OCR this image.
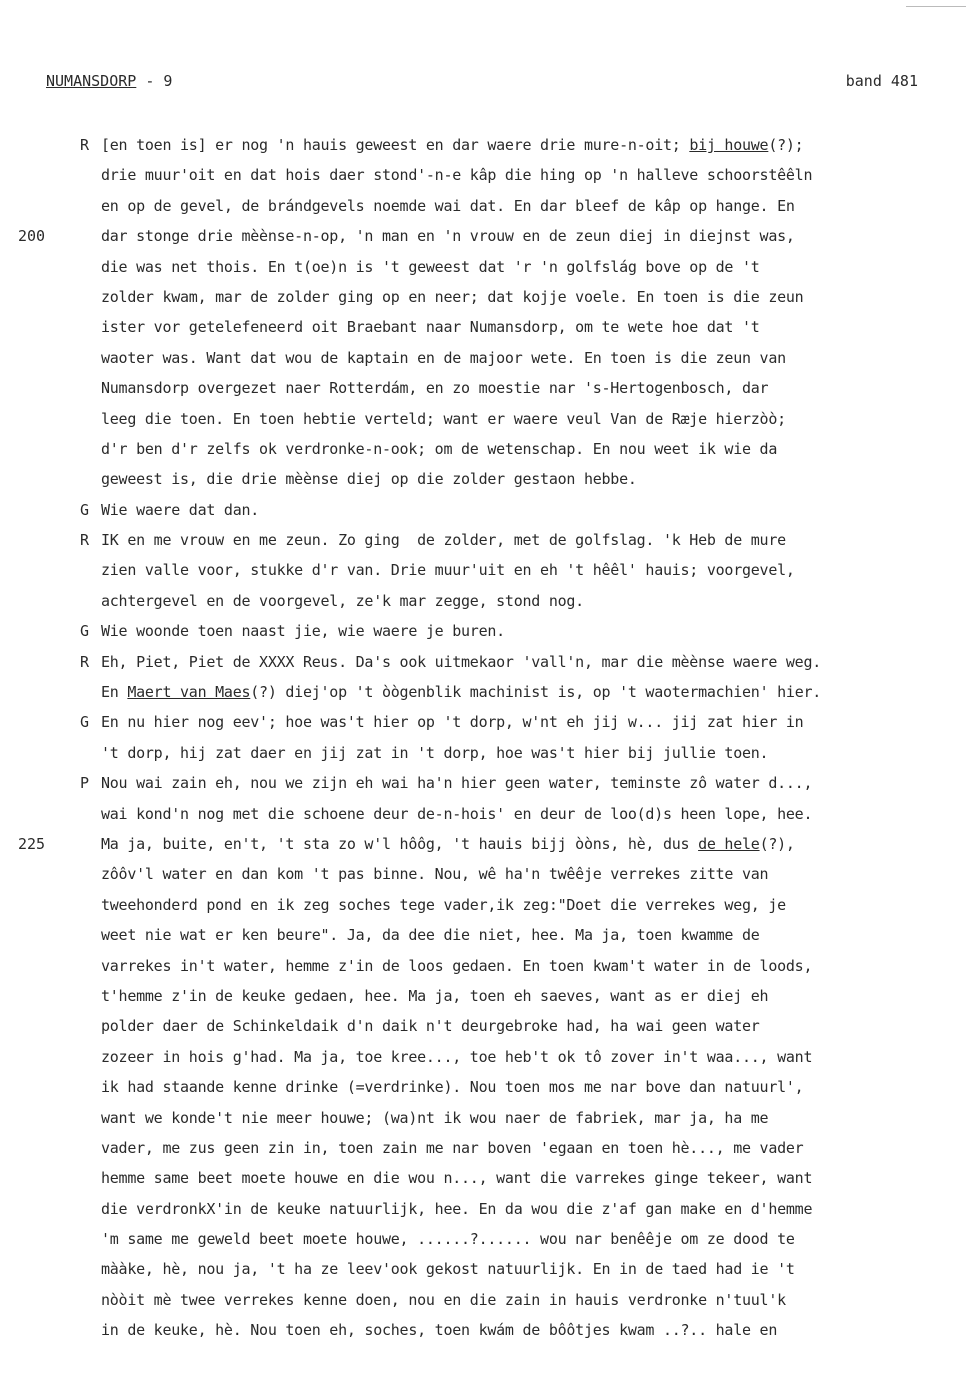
NUMANSDORP - 9	band 481
R [en toen is] er nog 'n hauis geweest en dar waere drie mure-n-oit; bij houwe(?);
drie muur'oit en dat hois daer stond'-n-e kâp die hing op 'n halleve schoorstêêln
en op de gevel, de brándgevels noemde wai dat. En dar bleef de kâp op hange. En
200	dar stonge drie mèènse-n-op, 'n man en 'n vrouw en de zeun diej in diejnst was,
die was net thois. En t(oe)n is 't geweest dat 'r 'n golfslág bove op de 't
zolder kwam, mar de zolder ging op en neer; dat kojje voele. En toen is die zeun
ister vor getelefeneerd oit Braebant naar Numansdorp, om te wete hoe dat 't
waoter was. Want dat wou de kaptain en de majoor wete. En toen is die zeun van
Numansdorp overgezet naer Rotterdám, en zo moestie nar 's-Hertogenbosch, dar
leeg die toen. En toen hebtie verteld; want er waere veul Van de Ræje hierzòò;
d'r ben d'r zelfs ok verdronke-n-ook; om de wetenschap. En nou weet ik wie da
geweest is, die drie mèènse diej op die zolder gestaon hebbe.
G Wie waere dat dan.
R IK en me vrouw en me zeun. Zo ging  de zolder, met de golfslag. 'k Heb de mure
zien valle voor, stukke d'r van. Drie muur'uit en eh 't hêêl' hauis; voorgevel,
achtergevel en de voorgevel, ze'k mar zegge, stond nog.
G Wie woonde toen naast jie, wie waere je buren.
R Eh, Piet, Piet de XXXX Reus. Da's ook uitmekaor 'vall'n, mar die mèènse waere weg.
En Maert van Maes(?) diej'op 't òògenblik machinist is, op 't waotermachien' hier.
G En nu hier nog eev'; hoe was't hier op 't dorp, w'nt eh jij w... jij zat hier in
't dorp, hij zat daer en jij zat in 't dorp, hoe was't hier bij jullie toen.
P Nou wai zain eh, nou we zijn eh wai ha'n hier geen water, teminste zô water d...,
wai kond'n nog met die schoene deur de-n-hois' en deur de loo(d)s heen lope, hee.
225	Ma ja, buite, en't, 't sta zo w'l hôôg, 't hauis bijj òòns, hè, dus de hele(?),
zôôv'l water en dan kom 't pas binne. Nou, wê ha'n twêêje verrekes zitte van
tweehonderd pond en ik zeg soches tege vader,ik zeg:"Doet die verrekes weg, je
weet nie wat er ken beure". Ja, da dee die niet, hee. Ma ja, toen kwamme de
varrekes in't water, hemme z'in de loos gedaen. En toen kwam't water in de loods,
t'hemme z'in de keuke gedaen, hee. Ma ja, toen eh saeves, want as er diej eh
polder daer de Schinkeldaik d'n daik n't deurgebroke had, ha wai geen water
zozeer in hois g'had. Ma ja, toe kree..., toe heb't ok tô zover in't waa..., want
ik had staande kenne drinke (=verdrinke). Nou toen mos me nar bove dan natuurl',
want we konde't nie meer houwe; (wa)nt ik wou naer de fabriek, mar ja, ha me
vader, me zus geen zin in, toen zain me nar boven 'egaan en toen hè..., me vader
hemme same beet moete houwe en die wou n..., want die varrekes ginge tekeer, want
die verdronkX'in de keuke natuurlijk, hee. En da wou die z'af gan make en d'hemme
'm same me geweld beet moete houwe, ......?...... wou nar benêêje om ze dood te
mààke, hè, nou ja, 't ha ze leev'ook gekost natuurlijk. En in de taed had ie 't
nòòit mè twee verrekes kenne doen, nou en die zain in hauis verdronke n'tuul'k
in de keuke, hè. Nou toen eh, soches, toen kwám de bôôtjes kwam ..?.. hale en
